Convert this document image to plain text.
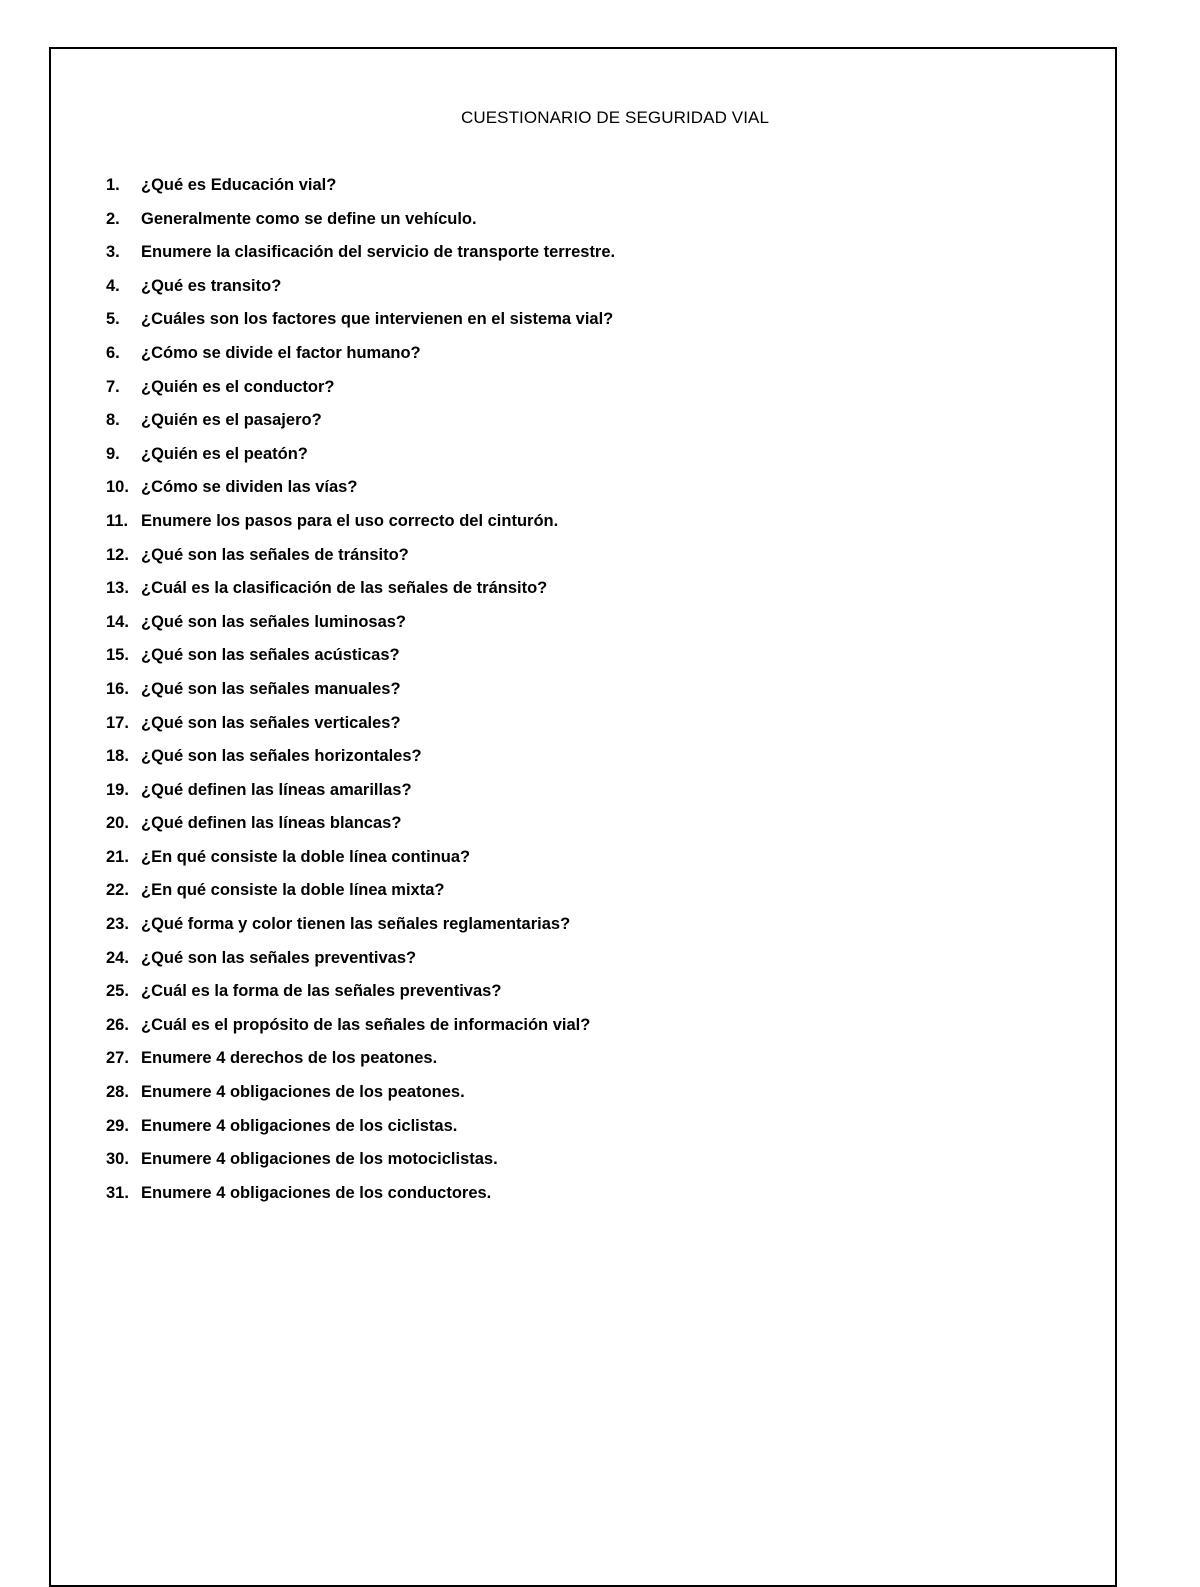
CUESTIONARIO DE SEGURIDAD VIAL
1.	¿Qué es Educación vial?
2.	Generalmente como se define un vehículo.
3.	Enumere la clasificación del servicio de transporte terrestre.
4.	¿Qué es transito?
5.	¿Cuáles son los factores que intervienen en el sistema vial?
6.	¿Cómo se divide el factor humano?
7.	¿Quién es el conductor?
8.	¿Quién es el pasajero?
9.	¿Quién es el peatón?
10. ¿Cómo se dividen las vías?
11. Enumere los pasos para el uso correcto del cinturón.
12. ¿Qué son las señales de tránsito?
13. ¿Cuál es la clasificación de las señales de tránsito?
14. ¿Qué son las señales luminosas?
15. ¿Qué son las señales acústicas?
16. ¿Qué son las señales manuales?
17. ¿Qué son las señales verticales?
18. ¿Qué son las señales horizontales?
19. ¿Qué definen las líneas amarillas?
20. ¿Qué definen las líneas blancas?
21. ¿En qué consiste la doble línea continua?
22. ¿En qué consiste la doble línea mixta?
23. ¿Qué forma y color tienen las señales reglamentarias?
24. ¿Qué son las señales preventivas?
25. ¿Cuál es la forma de las señales preventivas?
26. ¿Cuál es el propósito de las señales de información vial?
27. Enumere 4 derechos de los peatones.
28. Enumere 4 obligaciones de los peatones.
29. Enumere 4 obligaciones de los ciclistas.
30. Enumere 4 obligaciones de los motociclistas.
31. Enumere 4 obligaciones de los conductores.
